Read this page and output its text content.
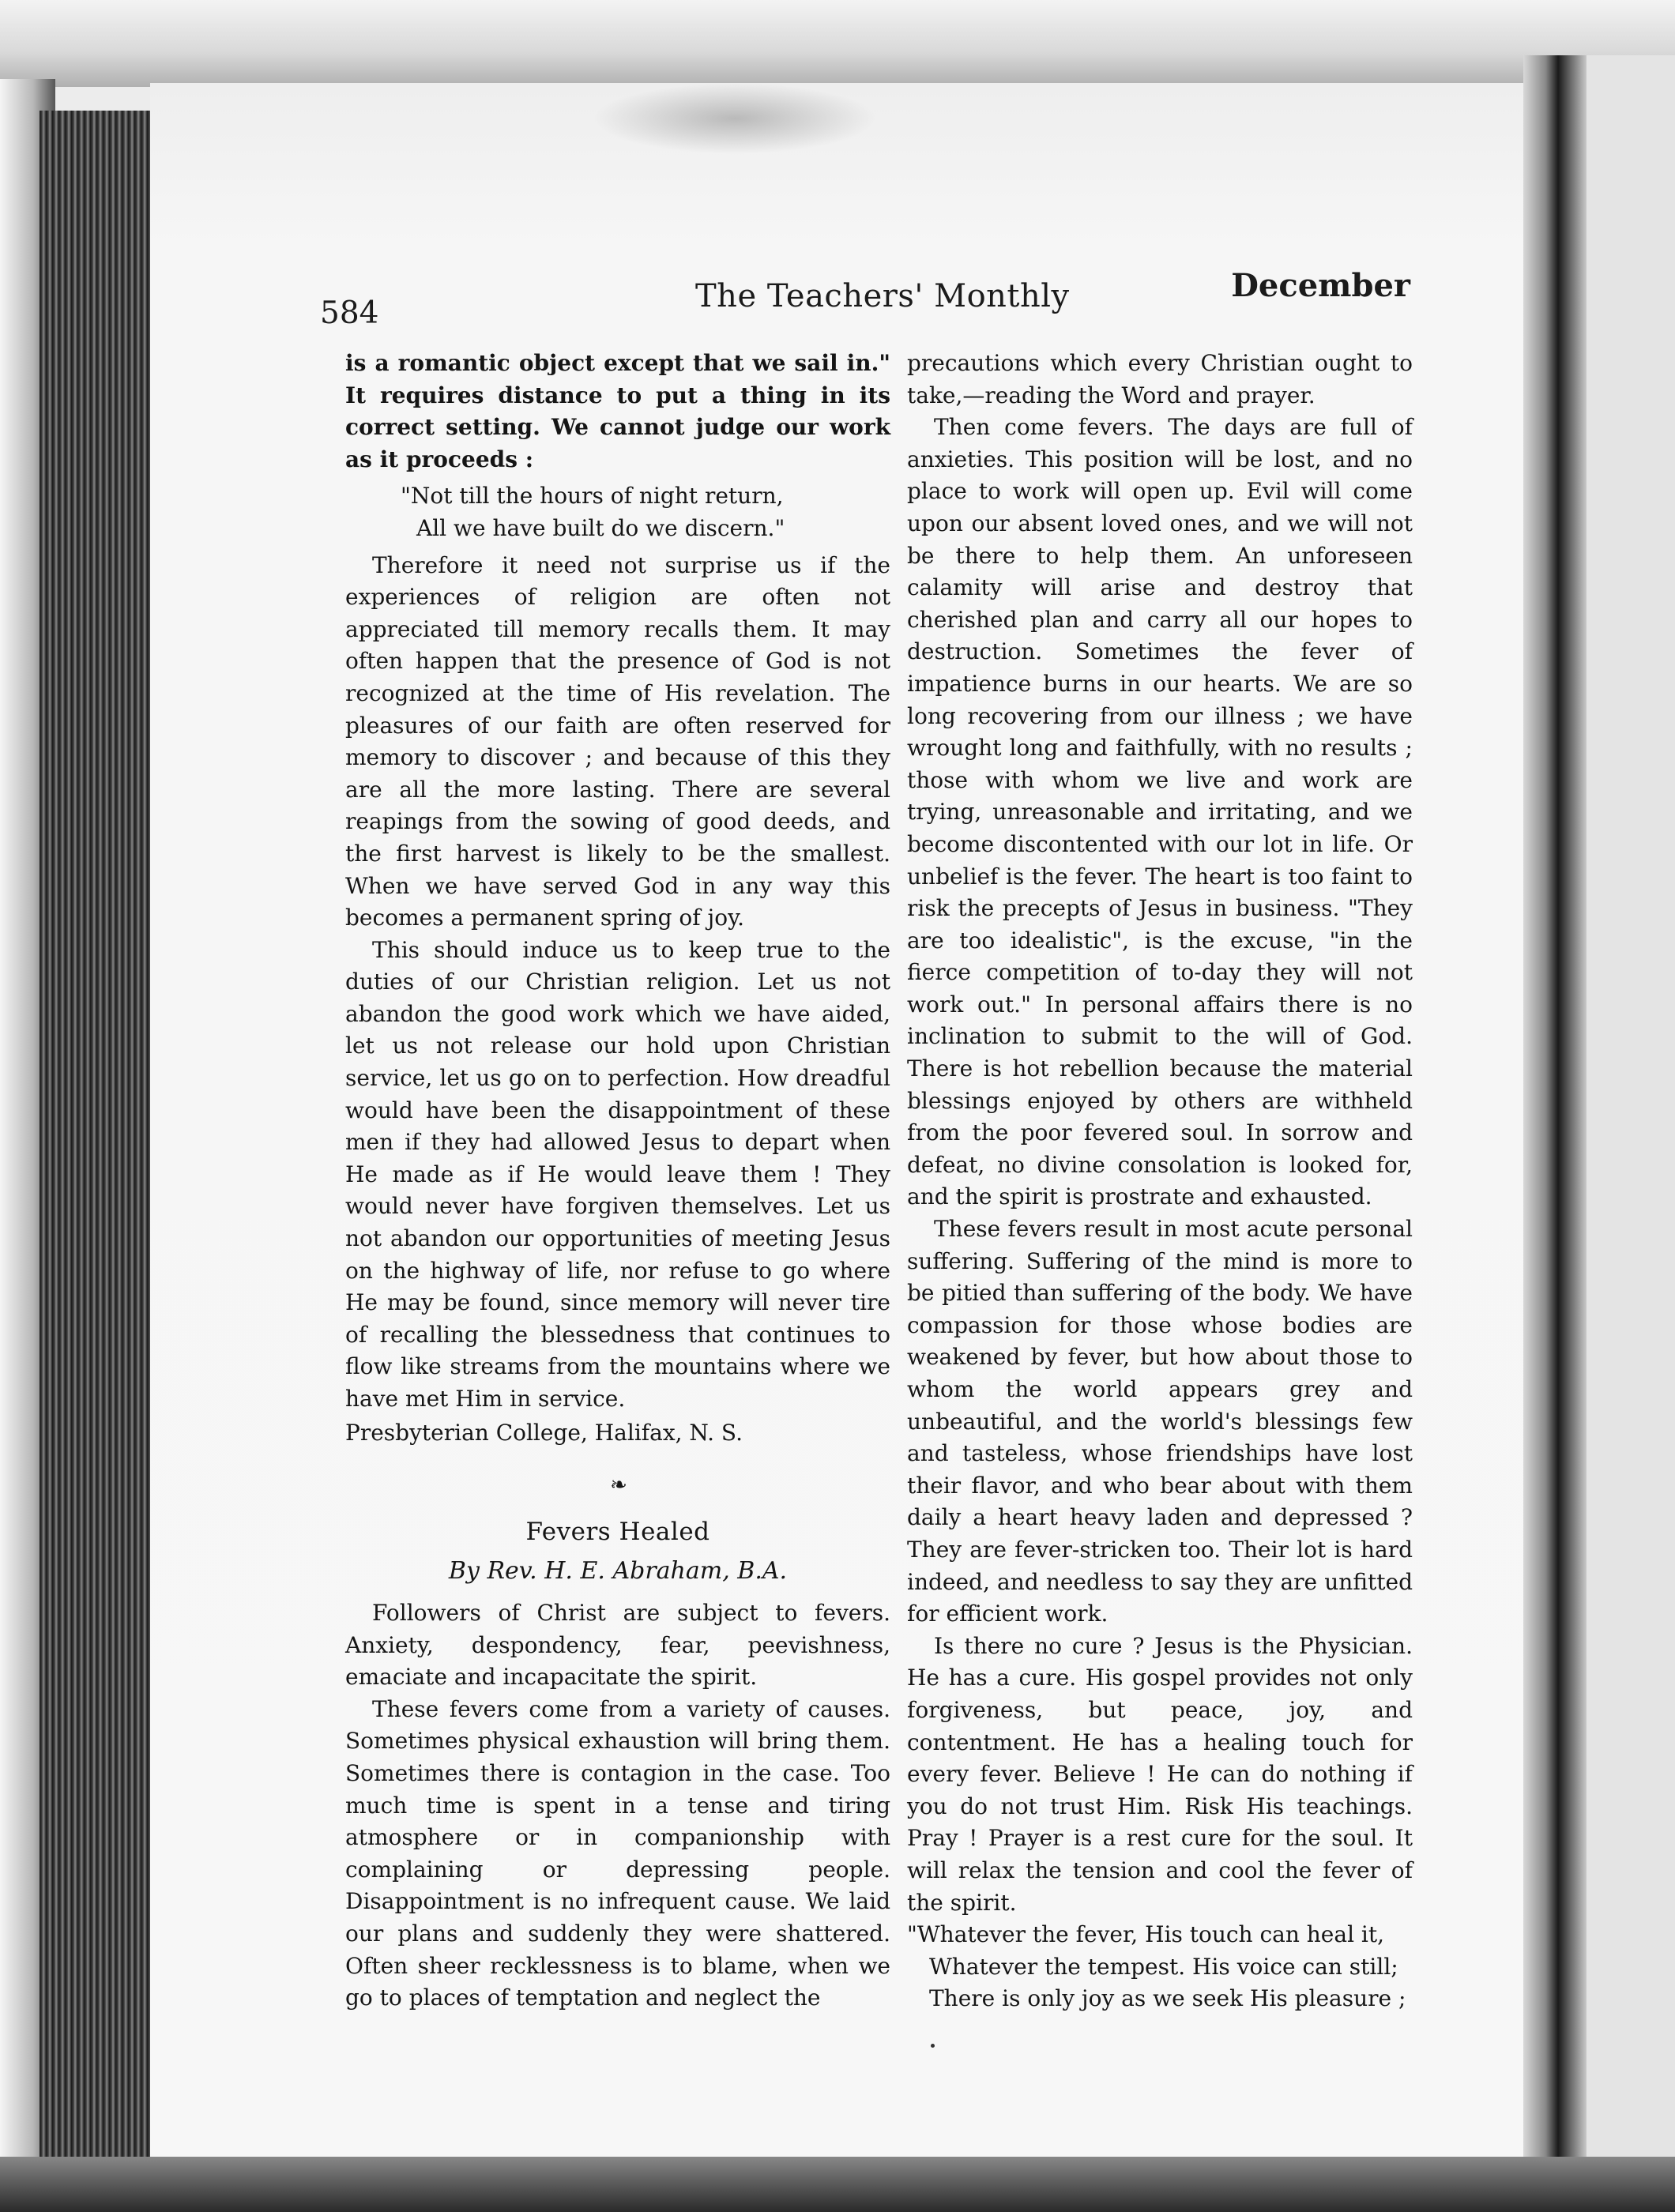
584	The Teachers' Monthly	December

is a romantic object except that we sail in." It requires distance to put a thing in its correct setting. We cannot judge our work as it proceeds :

"Not till the hours of night return,
All we have built do we discern."

Therefore it need not surprise us if the experiences of religion are often not appreciated till memory recalls them. It may often happen that the presence of God is not recognized at the time of His revelation. The pleasures of our faith are often reserved for memory to discover ; and because of this they are all the more lasting. There are several reapings from the sowing of good deeds, and the first harvest is likely to be the smallest. When we have served God in any way this becomes a permanent spring of joy.

This should induce us to keep true to the duties of our Christian religion. Let us not abandon the good work which we have aided, let us not release our hold upon Christian service, let us go on to perfection. How dreadful would have been the disappointment of these men if they had allowed Jesus to depart when He made as if He would leave them ! They would never have forgiven themselves. Let us not abandon our opportunities of meeting Jesus on the highway of life, nor refuse to go where He may be found, since memory will never tire of recalling the blessedness that continues to flow like streams from the mountains where we have met Him in service.

Presbyterian College, Halifax, N. S.

❧
Fevers Healed
By Rev. H. E. Abraham, B.A.

Followers of Christ are subject to fevers. Anxiety, despondency, fear, peevishness, emaciate and incapacitate the spirit.

These fevers come from a variety of causes. Sometimes physical exhaustion will bring them. Sometimes there is contagion in the case. Too much time is spent in a tense and tiring atmosphere or in companionship with complaining or depressing people. Disappointment is no infrequent cause. We laid our plans and suddenly they were shattered. Often sheer recklessness is to blame, when we go to places of temptation and neglect the

precautions which every Christian ought to take,—reading the Word and prayer.

Then come fevers. The days are full of anxieties. This position will be lost, and no place to work will open up. Evil will come upon our absent loved ones, and we will not be there to help them. An unforeseen calamity will arise and destroy that cherished plan and carry all our hopes to destruction. Sometimes the fever of impatience burns in our hearts. We are so long recovering from our illness ; we have wrought long and faithfully, with no results ; those with whom we live and work are trying, unreasonable and irritating, and we become discontented with our lot in life. Or unbelief is the fever. The heart is too faint to risk the precepts of Jesus in business. "They are too idealistic", is the excuse, "in the fierce competition of to-day they will not work out." In personal affairs there is no inclination to submit to the will of God. There is hot rebellion because the material blessings enjoyed by others are withheld from the poor fevered soul. In sorrow and defeat, no divine consolation is looked for, and the spirit is prostrate and exhausted.

These fevers result in most acute personal suffering. Suffering of the mind is more to be pitied than suffering of the body. We have compassion for those whose bodies are weakened by fever, but how about those to whom the world appears grey and unbeautiful, and the world's blessings few and tasteless, whose friendships have lost their flavor, and who bear about with them daily a heart heavy laden and depressed ? They are fever-stricken too. Their lot is hard indeed, and needless to say they are unfitted for efficient work.

Is there no cure ? Jesus is the Physician. He has a cure. His gospel provides not only forgiveness, but peace, joy, and contentment. He has a healing touch for every fever. Believe ! He can do nothing if you do not trust Him. Risk His teachings. Pray ! Prayer is a rest cure for the soul. It will relax the tension and cool the fever of the spirit.

"Whatever the fever, His touch can heal it,
Whatever the tempest. His voice can still;
There is only joy as we seek His pleasure ;
